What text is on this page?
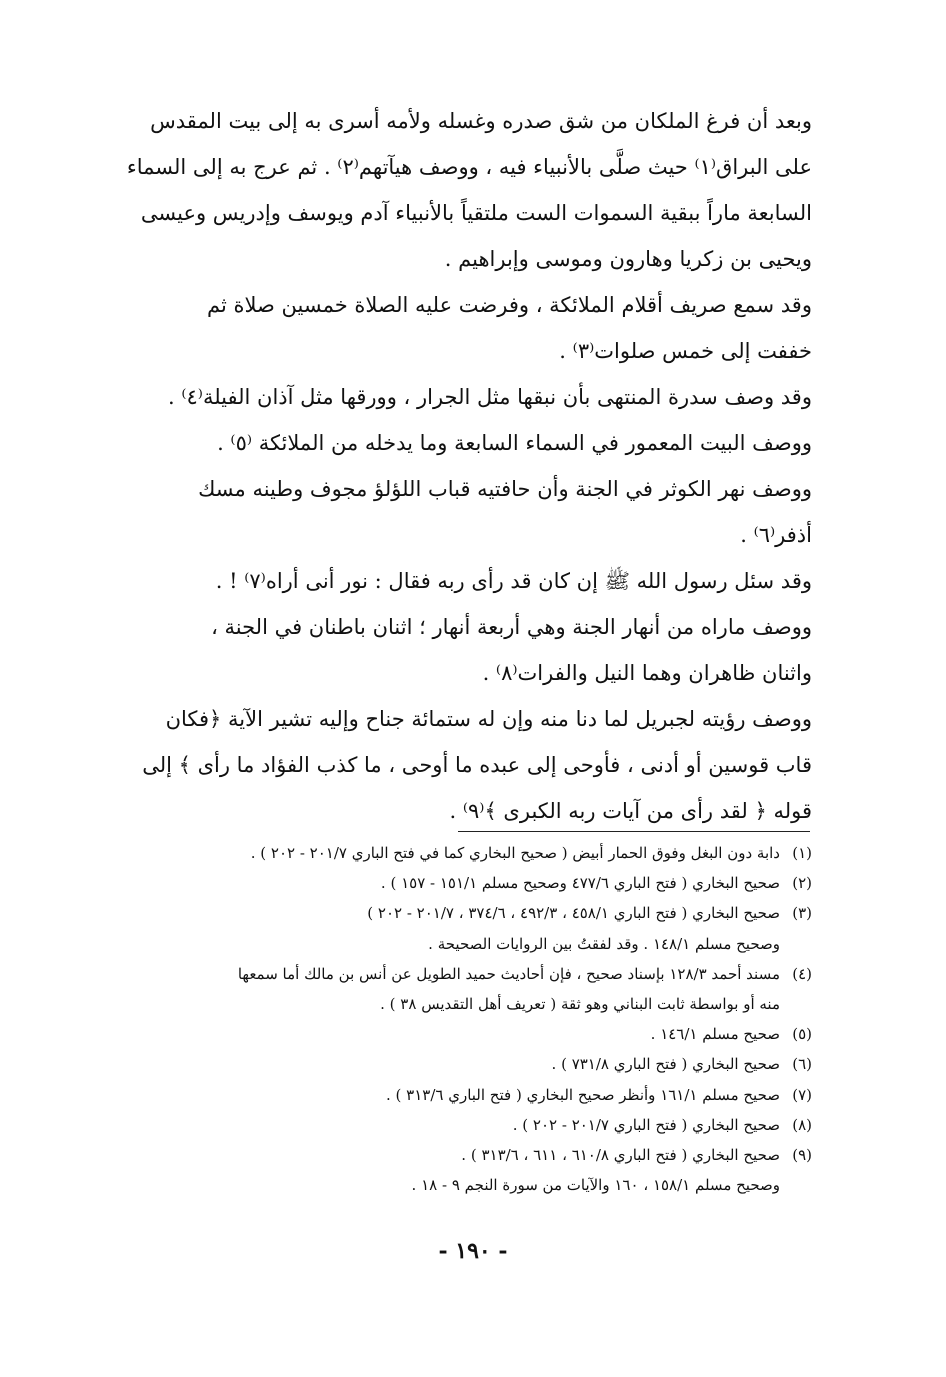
وبعد أن فرغ الملكان من شق صدره وغسله ولأمه أسرى به إلى بيت المقدس
على البراق⁽١⁾ حيث صلَّى بالأنبياء فيه ، ووصف هيآتهم⁽٢⁾ . ثم عرج به إلى السماء
السابعة ماراً ببقية السموات الست ملتقياً بالأنبياء آدم ويوسف وإدريس وعيسى
ويحيى بن زكريا وهارون وموسى وإبراهيم .
وقد سمع صريف أقلام الملائكة ، وفرضت عليه الصلاة خمسين صلاة ثم
خففت إلى خمس صلوات⁽٣⁾ .
وقد وصف سدرة المنتهى بأن نبقها مثل الجرار ، وورقها مثل آذان الفيلة⁽٤⁾ .
ووصف البيت المعمور في السماء السابعة وما يدخله من الملائكة ⁽٥⁾ .
ووصف نهر الكوثر في الجنة وأن حافتيه قباب اللؤلؤ مجوف وطينه مسك
أذفر⁽٦⁾ .
وقد سئل رسول الله ﷺ إن كان قد رأى ربه فقال : نور أنى أراه⁽٧⁾ ! .
ووصف ماراه من أنهار الجنة وهي أربعة أنهار ؛ اثنان باطنان في الجنة ،
واثنان ظاهران وهما النيل والفرات⁽٨⁾ .
ووصف رؤيته لجبريل لما دنا منه وإن له ستمائة جناح وإليه تشير الآية ﴿فكان
قاب قوسين أو أدنى ، فأوحى إلى عبده ما أوحى ، ما كذب الفؤاد ما رأى ﴾ إلى
قوله ﴿ لقد رأى من آيات ربه الكبرى ﴾⁽٩⁾ .
(١)
دابة دون البغل وفوق الحمار أبيض ( صحيح البخاري كما في فتح الباري ٢٠١/٧ - ٢٠٢ ) .
(٢)
صحيح البخاري ( فتح الباري ٤٧٧/٦ وصحيح مسلم ١٥١/١ - ١٥٧ ) .
(٣)
صحيح البخاري ( فتح الباري ٤٥٨/١ ، ٤٩٢/٣ ، ٣٧٤/٦ ، ٢٠١/٧ - ٢٠٢ )
وصحيح مسلم ١٤٨/١ . وقد لفقتُ بين الروايات الصحيحة .
(٤)
مسند أحمد ١٢٨/٣ بإسناد صحيح ، فإن أحاديث حميد الطويل عن أنس بن مالك أما سمعها
منه أو بواسطة ثابت البناني وهو ثقة ( تعريف أهل التقديس ٣٨ ) .
(٥)
صحيح مسلم ١٤٦/١ .
(٦)
صحيح البخاري ( فتح الباري ٧٣١/٨ ) .
(٧)
صحيح مسلم ١٦١/١ وأنظر صحيح البخاري ( فتح الباري ٣١٣/٦ ) .
(٨)
صحيح البخاري ( فتح الباري ٢٠١/٧ - ٢٠٢ ) .
(٩)
صحيح البخاري ( فتح الباري ٦١٠/٨ ، ٦١١ ، ٣١٣/٦ ) .
وصحيح مسلم ١٥٨/١ ، ١٦٠ والآيات من سورة النجم ٩ - ١٨ .
- ١٩٠ -
